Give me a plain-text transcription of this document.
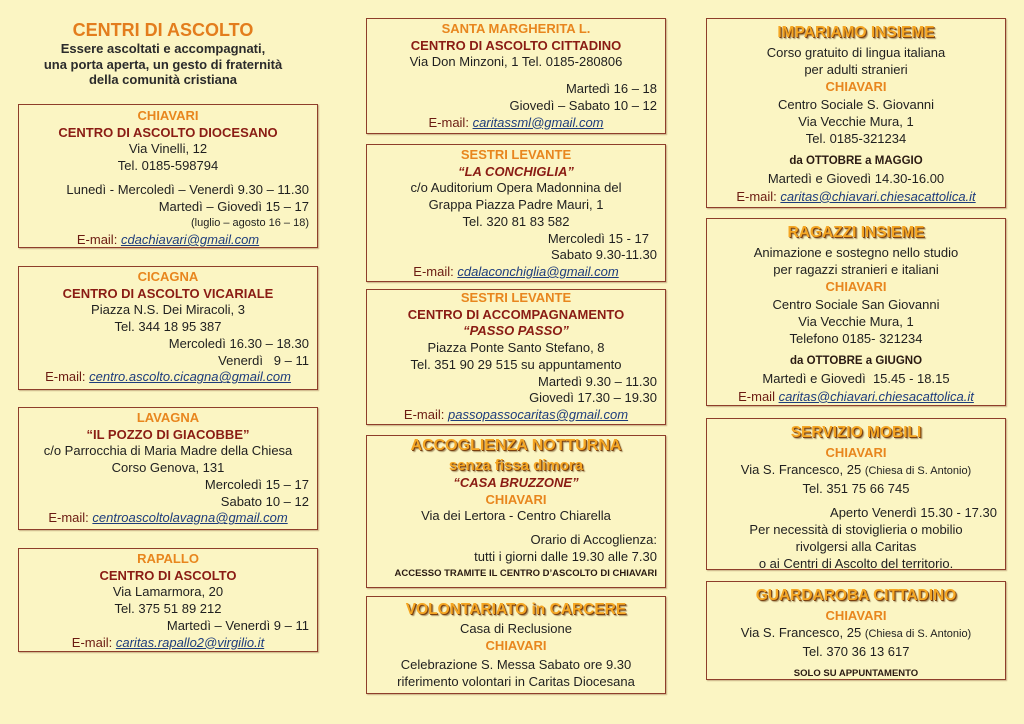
CENTRI DI ASCOLTO
Essere ascoltati e accompagnati,
una porta aperta, un gesto di fraternità
della comunità cristiana
CHIAVARI
CENTRO DI ASCOLTO DIOCESANO
Via Vinelli, 12
Tel. 0185-598794
Lunedì - Mercoledì – Venerdì 9.30 – 11.30
Martedì – Giovedì 15 – 17
(luglio – agosto 16 – 18)
E-mail: cdachiavari@gmail.com
CICAGNA
CENTRO DI ASCOLTO VICARIALE
Piazza N.S. Dei Miracoli, 3
Tel. 344 18 95 387
Mercoledì 16.30 – 18.30
Venerdì   9 – 11
E-mail: centro.ascolto.cicagna@gmail.com
LAVAGNA
“IL POZZO DI GIACOBBE”
c/o Parrocchia di Maria Madre della Chiesa
Corso Genova, 131
Mercoledì 15 – 17
Sabato 10 – 12
E-mail: centroascoltolavagna@gmail.com
RAPALLO
CENTRO DI ASCOLTO
Via Lamarmora, 20
Tel. 375 51 89 212
Martedì – Venerdì 9 – 11
E-mail: caritas.rapallo2@virgilio.it
SANTA MARGHERITA L.
CENTRO DI ASCOLTO CITTADINO
Via Don Minzoni, 1 Tel. 0185-280806
Martedì 16 – 18
Giovedì – Sabato 10 – 12
E-mail: caritassml@gmail.com
SESTRI LEVANTE
“LA CONCHIGLIA”
c/o Auditorium Opera Madonnina del
Grappa Piazza Padre Mauri, 1
Tel. 320 81 83 582
Mercoledì 15 - 17
Sabato 9.30-11.30
E-mail: cdalaconchiglia@gmail.com
SESTRI LEVANTE
CENTRO DI ACCOMPAGNAMENTO
“PASSO PASSO”
Piazza Ponte Santo Stefano, 8
Tel. 351 90 29 515 su appuntamento
Martedì 9.30 – 11.30
Giovedì 17.30 – 19.30
E-mail: passopassocaritas@gmail.com
ACCOGLIENZA NOTTURNA
senza fissa dimora
“CASA BRUZZONE”
CHIAVARI
Via dei Lertora - Centro Chiarella
Orario di Accoglienza:
tutti i giorni dalle 19.30 alle 7.30
ACCESSO TRAMITE IL CENTRO D’ASCOLTO DI CHIAVARI
VOLONTARIATO in CARCERE
Casa di Reclusione
CHIAVARI
Celebrazione S. Messa Sabato ore 9.30
riferimento volontari in Caritas Diocesana
IMPARIAMO INSIEME
Corso gratuito di lingua italiana
per adulti stranieri
CHIAVARI
Centro Sociale S. Giovanni
Via Vecchie Mura, 1
Tel. 0185-321234
da OTTOBRE a MAGGIO
Martedì e Giovedì 14.30-16.00
E-mail: caritas@chiavari.chiesacattolica.it
RAGAZZI INSIEME
Animazione e sostegno nello studio
per ragazzi stranieri e italiani
CHIAVARI
Centro Sociale San Giovanni
Via Vecchie Mura, 1
Telefono 0185- 321234
da OTTOBRE a GIUGNO
Martedì e Giovedì  15.45 - 18.15
E-mail caritas@chiavari.chiesacattolica.it
SERVIZIO MOBILI
CHIAVARI
Via S. Francesco, 25 (Chiesa di S. Antonio)
Tel. 351 75 66 745
Aperto Venerdì 15.30 - 17.30
Per necessità di stoviglieria o mobilio
rivolgersi alla Caritas
o ai Centri di Ascolto del territorio.
GUARDAROBA CITTADINO
CHIAVARI
Via S. Francesco, 25 (Chiesa di S. Antonio)
Tel. 370 36 13 617
SOLO SU APPUNTAMENTO
